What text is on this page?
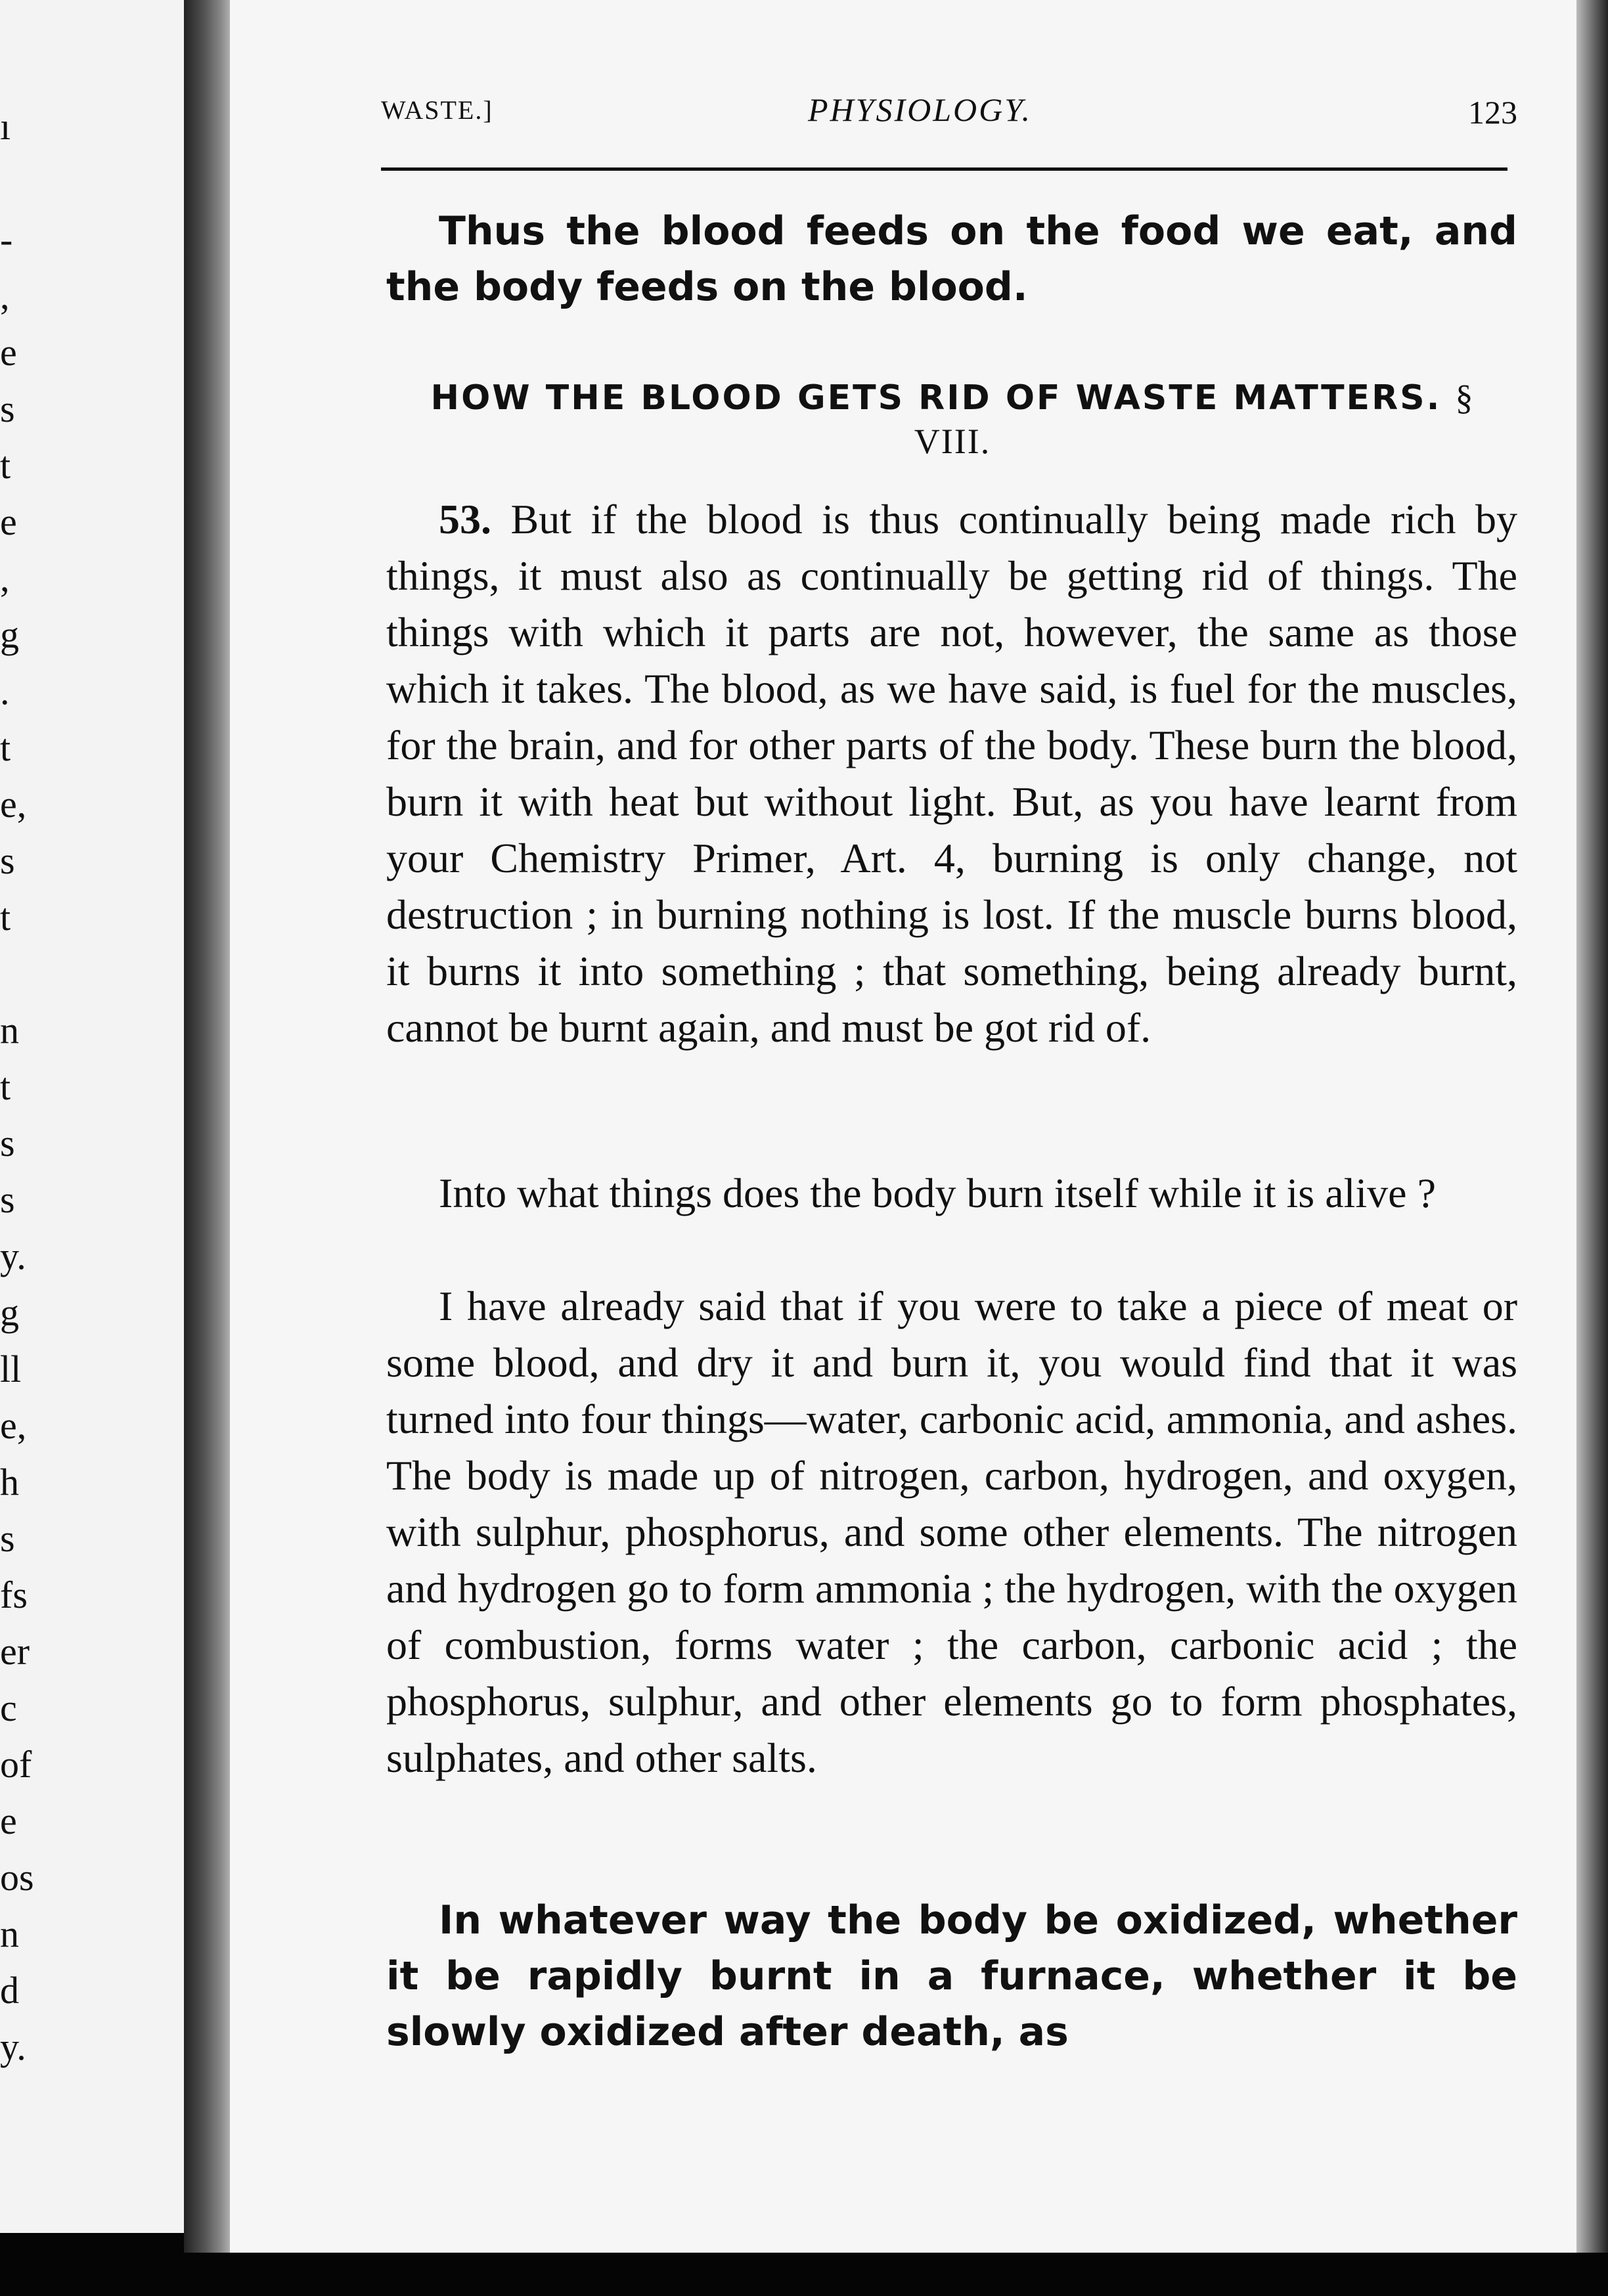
ı
-
,
e
s
t
e
,
g
.
t
e,
s
t
n
t
s
s
y.
g
ll
e,
h
s
fs
er
c
of
e
os
n
d
y.
WASTE.]	PHYSIOLOGY.	123
Thus the blood feeds on the food we eat, and the body feeds on the blood.
HOW THE BLOOD GETS RID OF WASTE MATTERS. § VIII.
53. But if the blood is thus continually being made rich by things, it must also as continually be getting rid of things. The things with which it parts are not, however, the same as those which it takes. The blood, as we have said, is fuel for the muscles, for the brain, and for other parts of the body. These burn the blood, burn it with heat but without light. But, as you have learnt from your Chemistry Primer, Art. 4, burning is only change, not destruction ; in burning nothing is lost. If the muscle burns blood, it burns it into something ; that something, being already burnt, cannot be burnt again, and must be got rid of.
Into what things does the body burn itself while it is alive ?
I have already said that if you were to take a piece of meat or some blood, and dry it and burn it, you would find that it was turned into four things—water, carbonic acid, ammonia, and ashes. The body is made up of nitrogen, carbon, hydrogen, and oxygen, with sulphur, phosphorus, and some other elements. The nitrogen and hydrogen go to form ammonia ; the hydrogen, with the oxygen of combustion, forms water ; the carbon, carbonic acid ; the phosphorus, sulphur, and other elements go to form phosphates, sulphates, and other salts.
In whatever way the body be oxidized, whether it be rapidly burnt in a furnace, whether it be slowly oxidized after death, as
